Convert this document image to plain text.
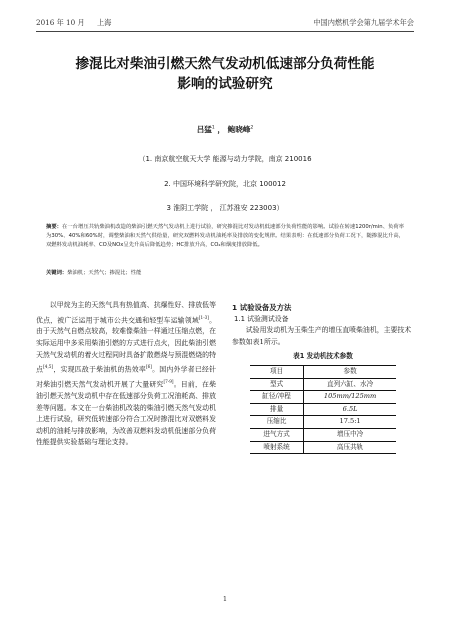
2016 年 10 月 上海	中国内燃机学会第九届学术年会
掺混比对柴油引燃天然气发动机低速部分负荷性能
影响的试验研究
吕猛$^1$ ， 鲍晓峰$^2$
（1. 南京航空航天大学 能源与动力学院，南京 210016
2. 中国环境科学研究院，北京 100012
3 淮阴工学院 ， 江苏淮安 223003）

摘要：在一台增压共轨柴油机改造的柴油引燃天然气发动机上进行试验，研究掺混比对发动机低速部分负荷性能的影响。试验在转速1200r/min、负荷率为30%、40%和60%时，调整柴油和天然气供给量，研究双燃料发动机油耗率及排放的变化规律。结果表明：在低速部分负荷工况下，随掺混比升高，双燃料发动机油耗率、CO及NOx呈先升高后降低趋势；HC排放升高，CO₂和烟度排放降低。

关键词：柴油机；天然气；掺混比；性能

以甲烷为主的天然气具有热值高、抗爆性好、排放低等优点，被广泛运用于城市公共交通和轻型车运输领域[1-3]。由于天然气自燃点较高，较难像柴油一样通过压缩点燃，在实际运用中多采用柴油引燃的方式进行点火，因此柴油引燃天然气发动机的着火过程同时具备扩散燃烧与预混燃烧的特点[4,5]，实现匹敌于柴油机的热效率[6]。国内外学者已经针对柴油引燃天然气发动机开展了大量研究[7-9]。目前，在柴油引燃天然气发动机中存在低速部分负荷工况油耗高、排放差等问题。本文在一台柴油机改装的柴油引燃天然气发动机上进行试验，研究低转速部分符合工况时掺混比对双燃料发动机的油耗与排放影响，为改善双燃料发动机低速部分负荷性能提供实验基础与理论支持。

1 试验设备及方法
1.1 试验测试设备

试验用发动机为玉柴生产的增压直喷柴油机，主要技术参数如表1所示。

表1 发动机技术参数
项目	参数
型式	直列六缸、水冷
缸径/冲程	105mm/125mm
排量	6.5L
压缩比	17.5:1
进气方式	增压中冷
喷射系统	高压共轨
1
